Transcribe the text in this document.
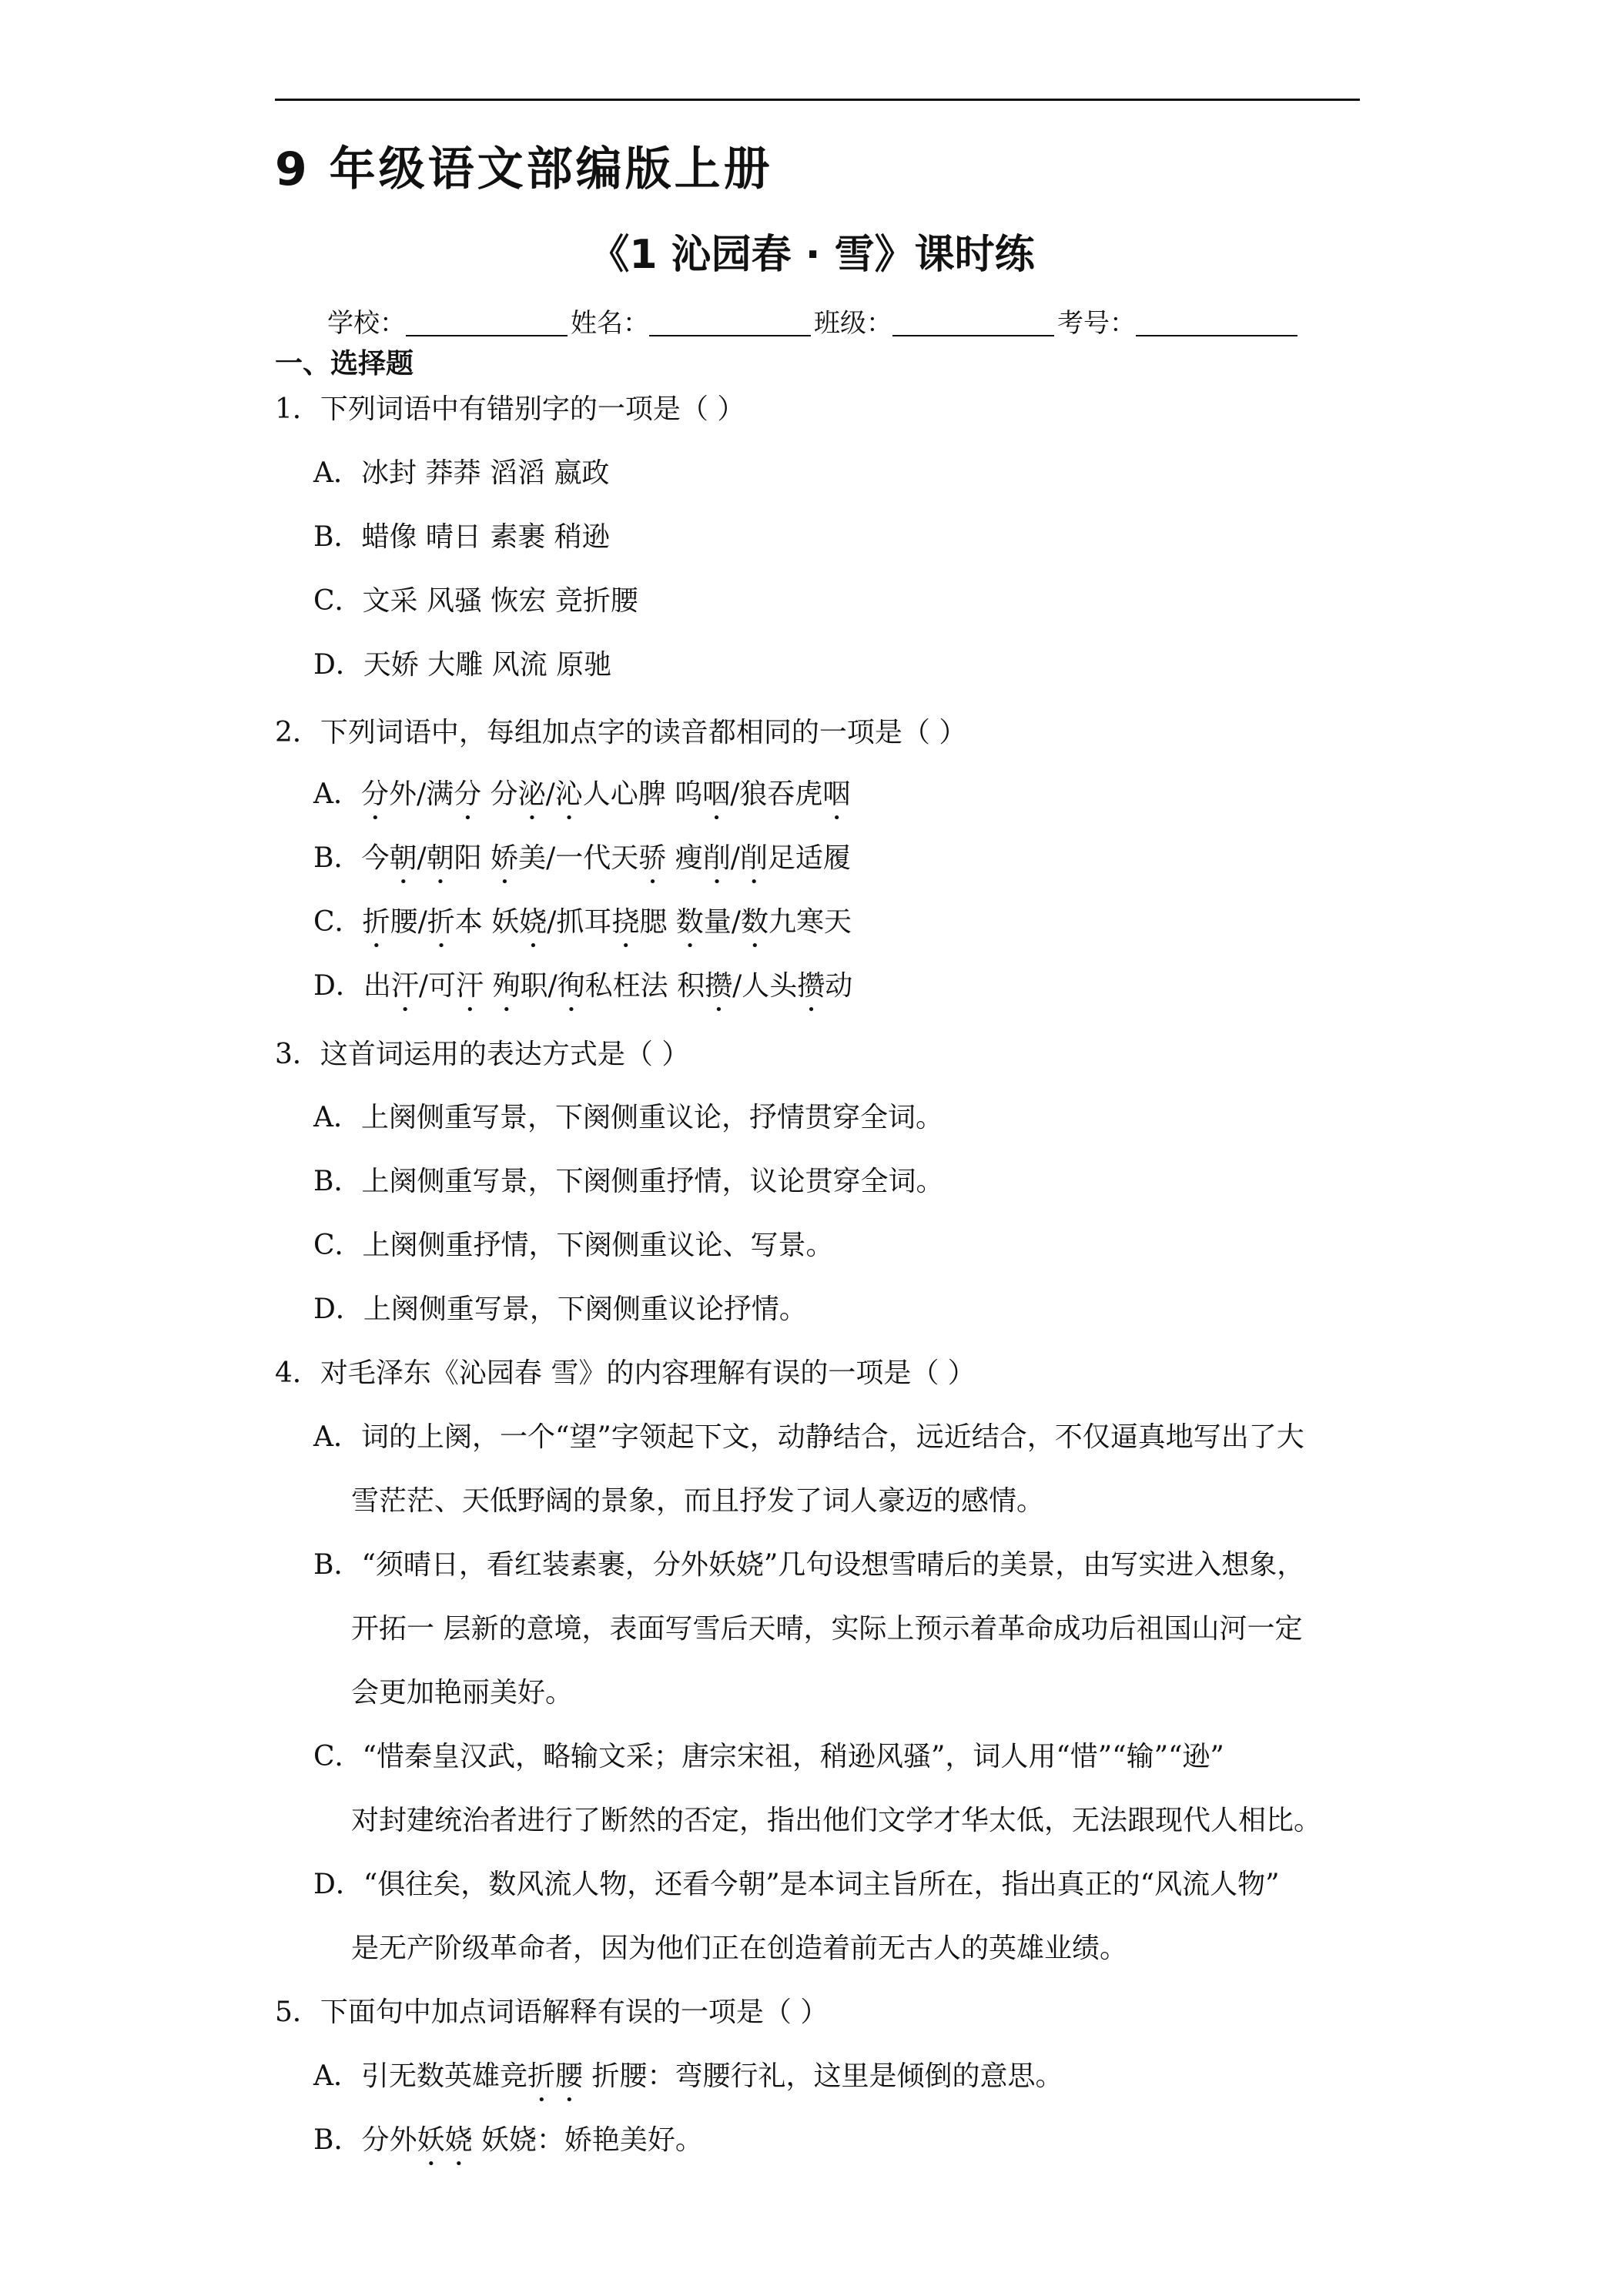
9 年级语文部编版上册
《1 沁园春 · 雪》课时练
学校：	姓名：	班级：	考号：
一、选择题
1．下列词语中有错别字的一项是（ ）
A．冰封 莽莽 滔滔 嬴政
B．蜡像 晴日 素裹 稍逊
C．文采 风骚 恢宏 竞折腰
D．天娇 大雕 风流 原驰
2．下列词语中，每组加点字的读音都相同的一项是（ ）
A．分外/满分 分泌/沁人心脾 呜咽/狼吞虎咽
B．今朝/朝阳 娇美/一代天骄 瘦削/削足适履
C．折腰/折本 妖娆/抓耳挠腮 数量/数九寒天
D．出汗/可汗 殉职/徇私枉法 积攒/人头攒动
3．这首词运用的表达方式是（ ）
A．上阕侧重写景，下阕侧重议论，抒情贯穿全词。
B．上阕侧重写景，下阕侧重抒情，议论贯穿全词。
C．上阕侧重抒情，下阕侧重议论、写景。
D．上阕侧重写景，下阕侧重议论抒情。
4．对毛泽东《沁园春 雪》的内容理解有误的一项是（ ）
A．词的上阕，一个“望”字领起下文，动静结合，远近结合，不仅逼真地写出了大
雪茫茫、天低野阔的景象，而且抒发了词人豪迈的感情。
B．“须晴日，看红装素裹，分外妖娆”几句设想雪晴后的美景，由写实进入想象，
开拓一 层新的意境，表面写雪后天晴，实际上预示着革命成功后祖国山河一定
会更加艳丽美好。
C．“惜秦皇汉武，略输文采；唐宗宋祖，稍逊风骚”，词人用“惜”“输”“逊”
对封建统治者进行了断然的否定，指出他们文学才华太低，无法跟现代人相比。
D．“俱往矣，数风流人物，还看今朝”是本词主旨所在，指出真正的“风流人物”
是无产阶级革命者，因为他们正在创造着前无古人的英雄业绩。
5．下面句中加点词语解释有误的一项是（ ）
A．引无数英雄竞折腰 折腰：弯腰行礼，这里是倾倒的意思。
B．分外妖娆 妖娆：娇艳美好。
